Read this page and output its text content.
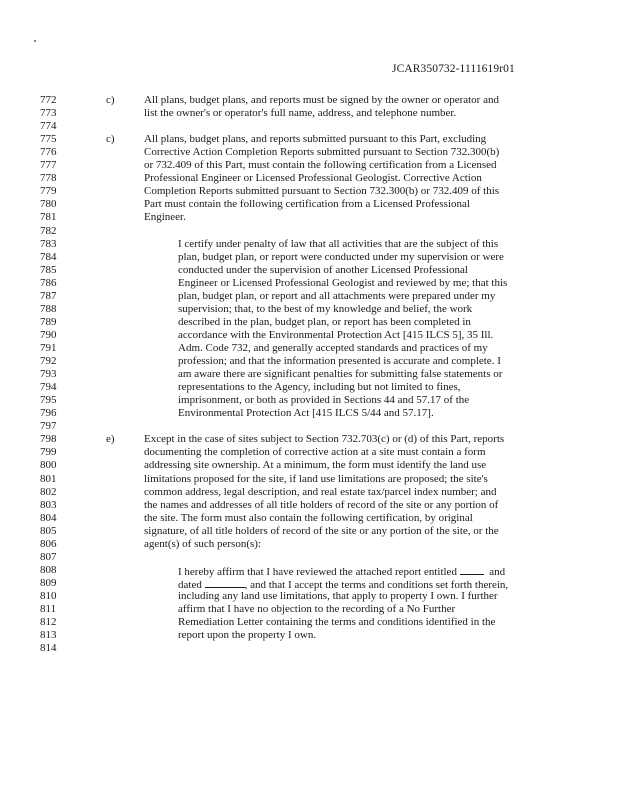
JCAR350732-1111619r01
772	c)	All plans, budget plans, and reports must be signed by the owner or operator and
773	list the owner's or operator's full name, address, and telephone number.
774
775	c)	All plans, budget plans, and reports submitted pursuant to this Part, excluding
776	Corrective Action Completion Reports submitted pursuant to Section 732.300(b)
777	or 732.409 of this Part, must contain the following certification from a Licensed
778	Professional Engineer or Licensed Professional Geologist. Corrective Action
779	Completion Reports submitted pursuant to Section 732.300(b) or 732.409 of this
780	Part must contain the following certification from a Licensed Professional
781	Engineer.
782
783	I certify under penalty of law that all activities that are the subject of this
784	plan, budget plan, or report were conducted under my supervision or were
785	conducted under the supervision of another Licensed Professional
786	Engineer or Licensed Professional Geologist and reviewed by me; that this
787	plan, budget plan, or report and all attachments were prepared under my
788	supervision; that, to the best of my knowledge and belief, the work
789	described in the plan, budget plan, or report has been completed in
790	accordance with the Environmental Protection Act [415 ILCS 5], 35 Ill.
791	Adm. Code 732, and generally accepted standards and practices of my
792	profession; and that the information presented is accurate and complete. I
793	am aware there are significant penalties for submitting false statements or
794	representations to the Agency, including but not limited to fines,
795	imprisonment, or both as provided in Sections 44 and 57.17 of the
796	Environmental Protection Act [415 ILCS 5/44 and 57.17].
797
798	e)	Except in the case of sites subject to Section 732.703(c) or (d) of this Part, reports
799	documenting the completion of corrective action at a site must contain a form
800	addressing site ownership. At a minimum, the form must identify the land use
801	limitations proposed for the site, if land use limitations are proposed; the site's
802	common address, legal description, and real estate tax/parcel index number; and
803	the names and addresses of all title holders of record of the site or any portion of
804	the site. The form must also contain the following certification, by original
805	signature, of all title holders of record of the site or any portion of the site, or the
806	agent(s) of such person(s):
807
808	I hereby affirm that I have reviewed the attached report entitled	and
809	dated	, and that I accept the terms and conditions set forth therein,
810	including any land use limitations, that apply to property I own. I further
811	affirm that I have no objection to the recording of a No Further
812	Remediation Letter containing the terms and conditions identified in the
813	report upon the property I own.
814
